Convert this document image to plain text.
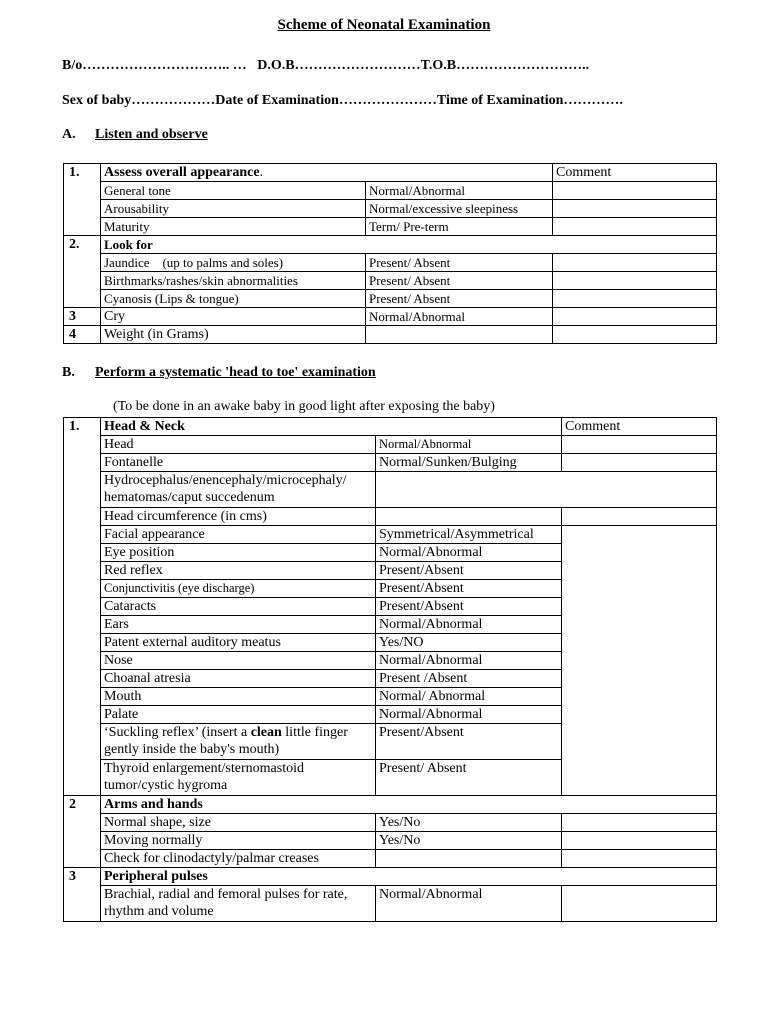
Scheme of Neonatal Examination
B/o………………………….. …   D.O.B………………………T.O.B………………………..
Sex of baby………………Date of Examination…………………Time of Examination………….
A. Listen and observe
1.	Assess overall appearance.		Comment
	General tone	Normal/Abnormal	
	Arousability	Normal/excessive sleepiness	
	Maturity	Term/ Pre-term	
2.	Look for		
	Jaundice    (up to palms and soles)	Present/ Absent	
	Birthmarks/rashes/skin abnormalities	Present/ Absent	
	Cyanosis (Lips & tongue)	Present/ Absent	
3	Cry	Normal/Abnormal	
4	Weight (in Grams)		
B. Perform a systematic 'head to toe' examination
(To be done in an awake baby in good light after exposing the baby)
1.	Head & Neck		Comment
	Head	Normal/Abnormal	
	Fontanelle	Normal/Sunken/Bulging	
	Hydrocephalus/enencephaly/microcephaly/ hematomas/caput succedenum		
	Head circumference (in cms)		
	Facial appearance	Symmetrical/Asymmetrical	
	Eye position	Normal/Abnormal	
	Red reflex	Present/Absent	
	Conjunctivitis (eye discharge)	Present/Absent	
	Cataracts	Present/Absent	
	Ears	Normal/Abnormal	
	Patent external auditory meatus	Yes/NO	
	Nose	Normal/Abnormal	
	Choanal atresia	Present /Absent	
	Mouth	Normal/ Abnormal	
	Palate	Normal/Abnormal	
	‘Suckling reflex’ (insert a clean little finger gently inside the baby's mouth)	Present/Absent	
	Thyroid enlargement/sternomastoid tumor/cystic hygroma	Present/ Absent	
2	Arms and hands		
	Normal shape, size	Yes/No	
	Moving normally	Yes/No	
	Check for clinodactyly/palmar creases		
3	Peripheral pulses		
	Brachial, radial and femoral pulses for rate, rhythm and volume	Normal/Abnormal	
